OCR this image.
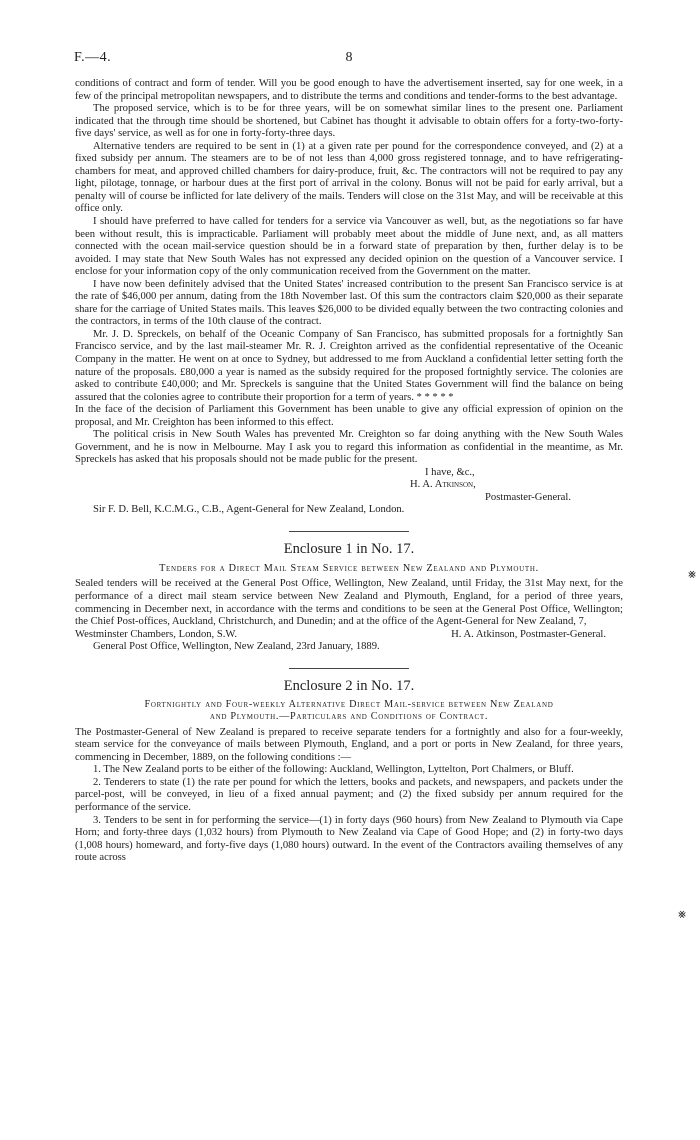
F.—4.	8

conditions of contract and form of tender. Will you be good enough to have the advertisement inserted, say for one week, in a few of the principal metropolitan newspapers, and to distribute the terms and conditions and tender-forms to the best advantage.

The proposed service, which is to be for three years, will be on somewhat similar lines to the present one. Parliament indicated that the through time should be shortened, but Cabinet has thought it advisable to obtain offers for a forty-two-forty-five days' service, as well as for one in forty-forty-three days.

Alternative tenders are required to be sent in (1) at a given rate per pound for the correspondence conveyed, and (2) at a fixed subsidy per annum. The steamers are to be of not less than 4,000 gross registered tonnage, and to have refrigerating-chambers for meat, and approved chilled chambers for dairy-produce, fruit, &c. The contractors will not be required to pay any light, pilotage, tonnage, or harbour dues at the first port of arrival in the colony. Bonus will not be paid for early arrival, but a penalty will of course be inflicted for late delivery of the mails. Tenders will close on the 31st May, and will be receivable at this office only.

I should have preferred to have called for tenders for a service via Vancouver as well, but, as the negotiations so far have been without result, this is impracticable. Parliament will probably meet about the middle of June next, and, as all matters connected with the ocean mail-service question should be in a forward state of preparation by then, further delay is to be avoided. I may state that New South Wales has not expressed any decided opinion on the question of a Vancouver service. I enclose for your information copy of the only communication received from the Government on the matter.

I have now been definitely advised that the United States' increased contribution to the present San Francisco service is at the rate of $46,000 per annum, dating from the 18th November last. Of this sum the contractors claim $20,000 as their separate share for the carriage of United States mails. This leaves $26,000 to be divided equally between the two contracting colonies and the contractors, in terms of the 10th clause of the contract.

Mr. J. D. Spreckels, on behalf of the Oceanic Company of San Francisco, has submitted proposals for a fortnightly San Francisco service, and by the last mail-steamer Mr. R. J. Creighton arrived as the confidential representative of the Oceanic Company in the matter. He went on at once to Sydney, but addressed to me from Auckland a confidential letter setting forth the nature of the proposals. £80,000 a year is named as the subsidy required for the proposed fortnightly service. The colonies are asked to contribute £40,000; and Mr. Spreckels is sanguine that the United States Government will find the balance on being assured that the colonies agree to contribute their proportion for a term of years. * * * * *

In the face of the decision of Parliament this Government has been unable to give any official expression of opinion on the proposal, and Mr. Creighton has been informed to this effect.

The political crisis in New South Wales has prevented Mr. Creighton so far doing anything with the New South Wales Government, and he is now in Melbourne. May I ask you to regard this information as confidential in the meantime, as Mr. Spreckels has asked that his proposals should not be made public for the present.

I have, &c.,
H. A. Atkinson,
Postmaster-General.
Sir F. D. Bell, K.C.M.G., C.B., Agent-General for New Zealand, London.
Enclosure 1 in No. 17.
Tenders for a Direct Mail Steam Service between New Zealand and Plymouth.

Sealed tenders will be received at the General Post Office, Wellington, New Zealand, until Friday, the 31st May next, for the performance of a direct mail steam service between New Zealand and Plymouth, England, for a period of three years, commencing in December next, in accordance with the terms and conditions to be seen at the General Post Office, Wellington; the Chief Post-offices, Auckland, Christchurch, and Dunedin; and at the office of the Agent-General for New Zealand, 7,

Westminster Chambers, London, S.W.	H. A. Atkinson, Postmaster-General.

General Post Office, Wellington, New Zealand, 23rd January, 1889.

Enclosure 2 in No. 17.
Fortnightly and Four-weekly Alternative Direct Mail-service between New Zealand
and Plymouth.—Particulars and Conditions of Contract.

The Postmaster-General of New Zealand is prepared to receive separate tenders for a fortnightly and also for a four-weekly, steam service for the conveyance of mails between Plymouth, England, and a port or ports in New Zealand, for three years, commencing in December, 1889, on the following conditions :—

1. The New Zealand ports to be either of the following: Auckland, Wellington, Lyttelton, Port Chalmers, or Bluff.

2. Tenderers to state (1) the rate per pound for which the letters, books and packets, and newspapers, and packets under the parcel-post, will be conveyed, in lieu of a fixed annual payment; and (2) the fixed subsidy per annum required for the performance of the service.

3. Tenders to be sent in for performing the service—(1) in forty days (960 hours) from New Zealand to Plymouth via Cape Horn; and forty-three days (1,032 hours) from Plymouth to New Zealand via Cape of Good Hope; and (2) in forty-two days (1,008 hours) homeward, and forty-five days (1,080 hours) outward. In the event of the Contractors availing themselves of any route across

⨳
⨳
